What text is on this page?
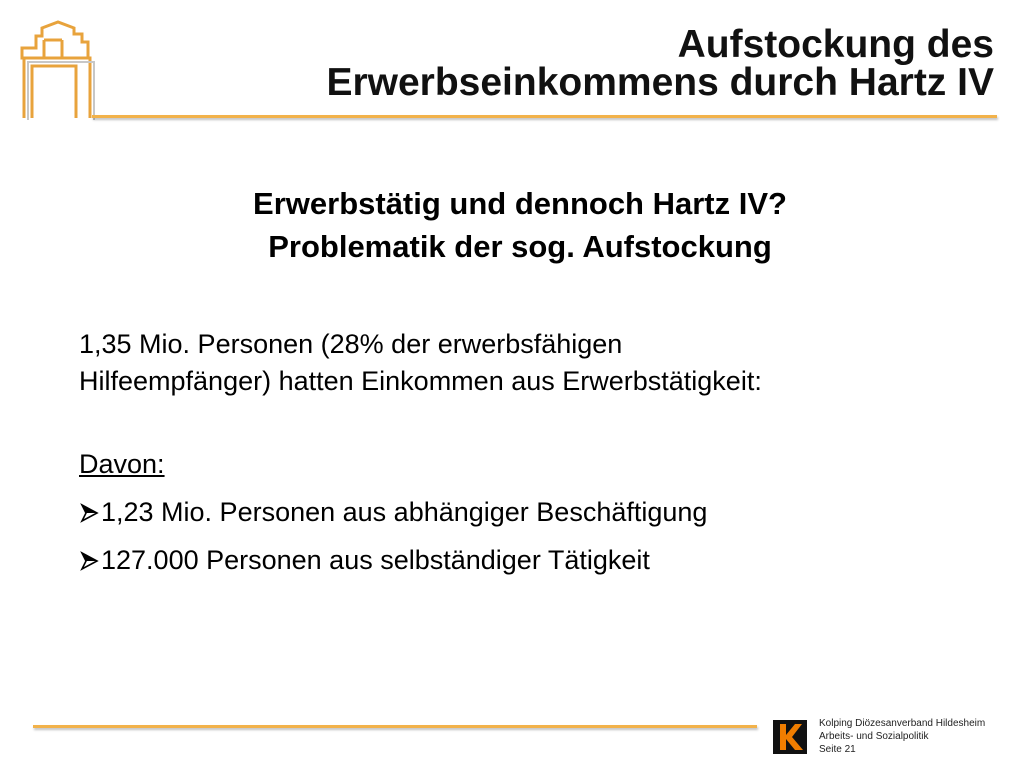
Aufstockung des
Erwerbseinkommens durch Hartz IV
Erwerbstätig und dennoch Hartz IV?
Problematik der sog. Aufstockung
1,35 Mio. Personen (28% der erwerbsfähigen
Hilfeempfänger) hatten Einkommen aus Erwerbstätigkeit:
Davon:
1,23 Mio. Personen aus abhängiger Beschäftigung
127.000 Personen aus selbständiger Tätigkeit
Kolping Diözesanverband Hildesheim
Arbeits- und Sozialpolitik
Seite 21
